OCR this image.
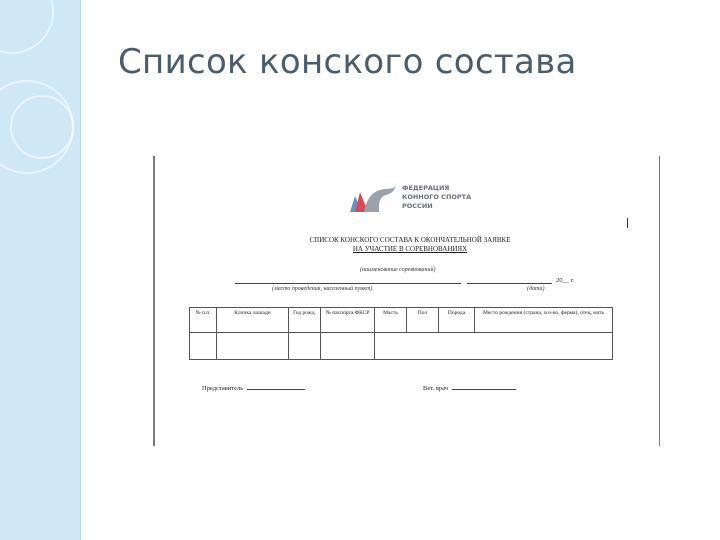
Список конского состава
ФЕДЕРАЦИЯ
КОННОГО СПОРТА
РОССИИ
СПИСОК КОНСКОГО СОСТАВА К ОКОНЧАТЕЛЬНОЙ ЗАЯВКЕ
НА УЧАСТИЕ В СОРЕВНОВАНИЯХ
(наименование соревнований)
20__ г.
(место проведения, населенный пункт)	(дата)
№ п.п.	Кличка лошади	Год рожд.	№ паспорта ФКСР	Масть	Пол	Порода	Место рождения (страна, хоз-во, ферма), отец, мать

Представитель	Вет. врач
